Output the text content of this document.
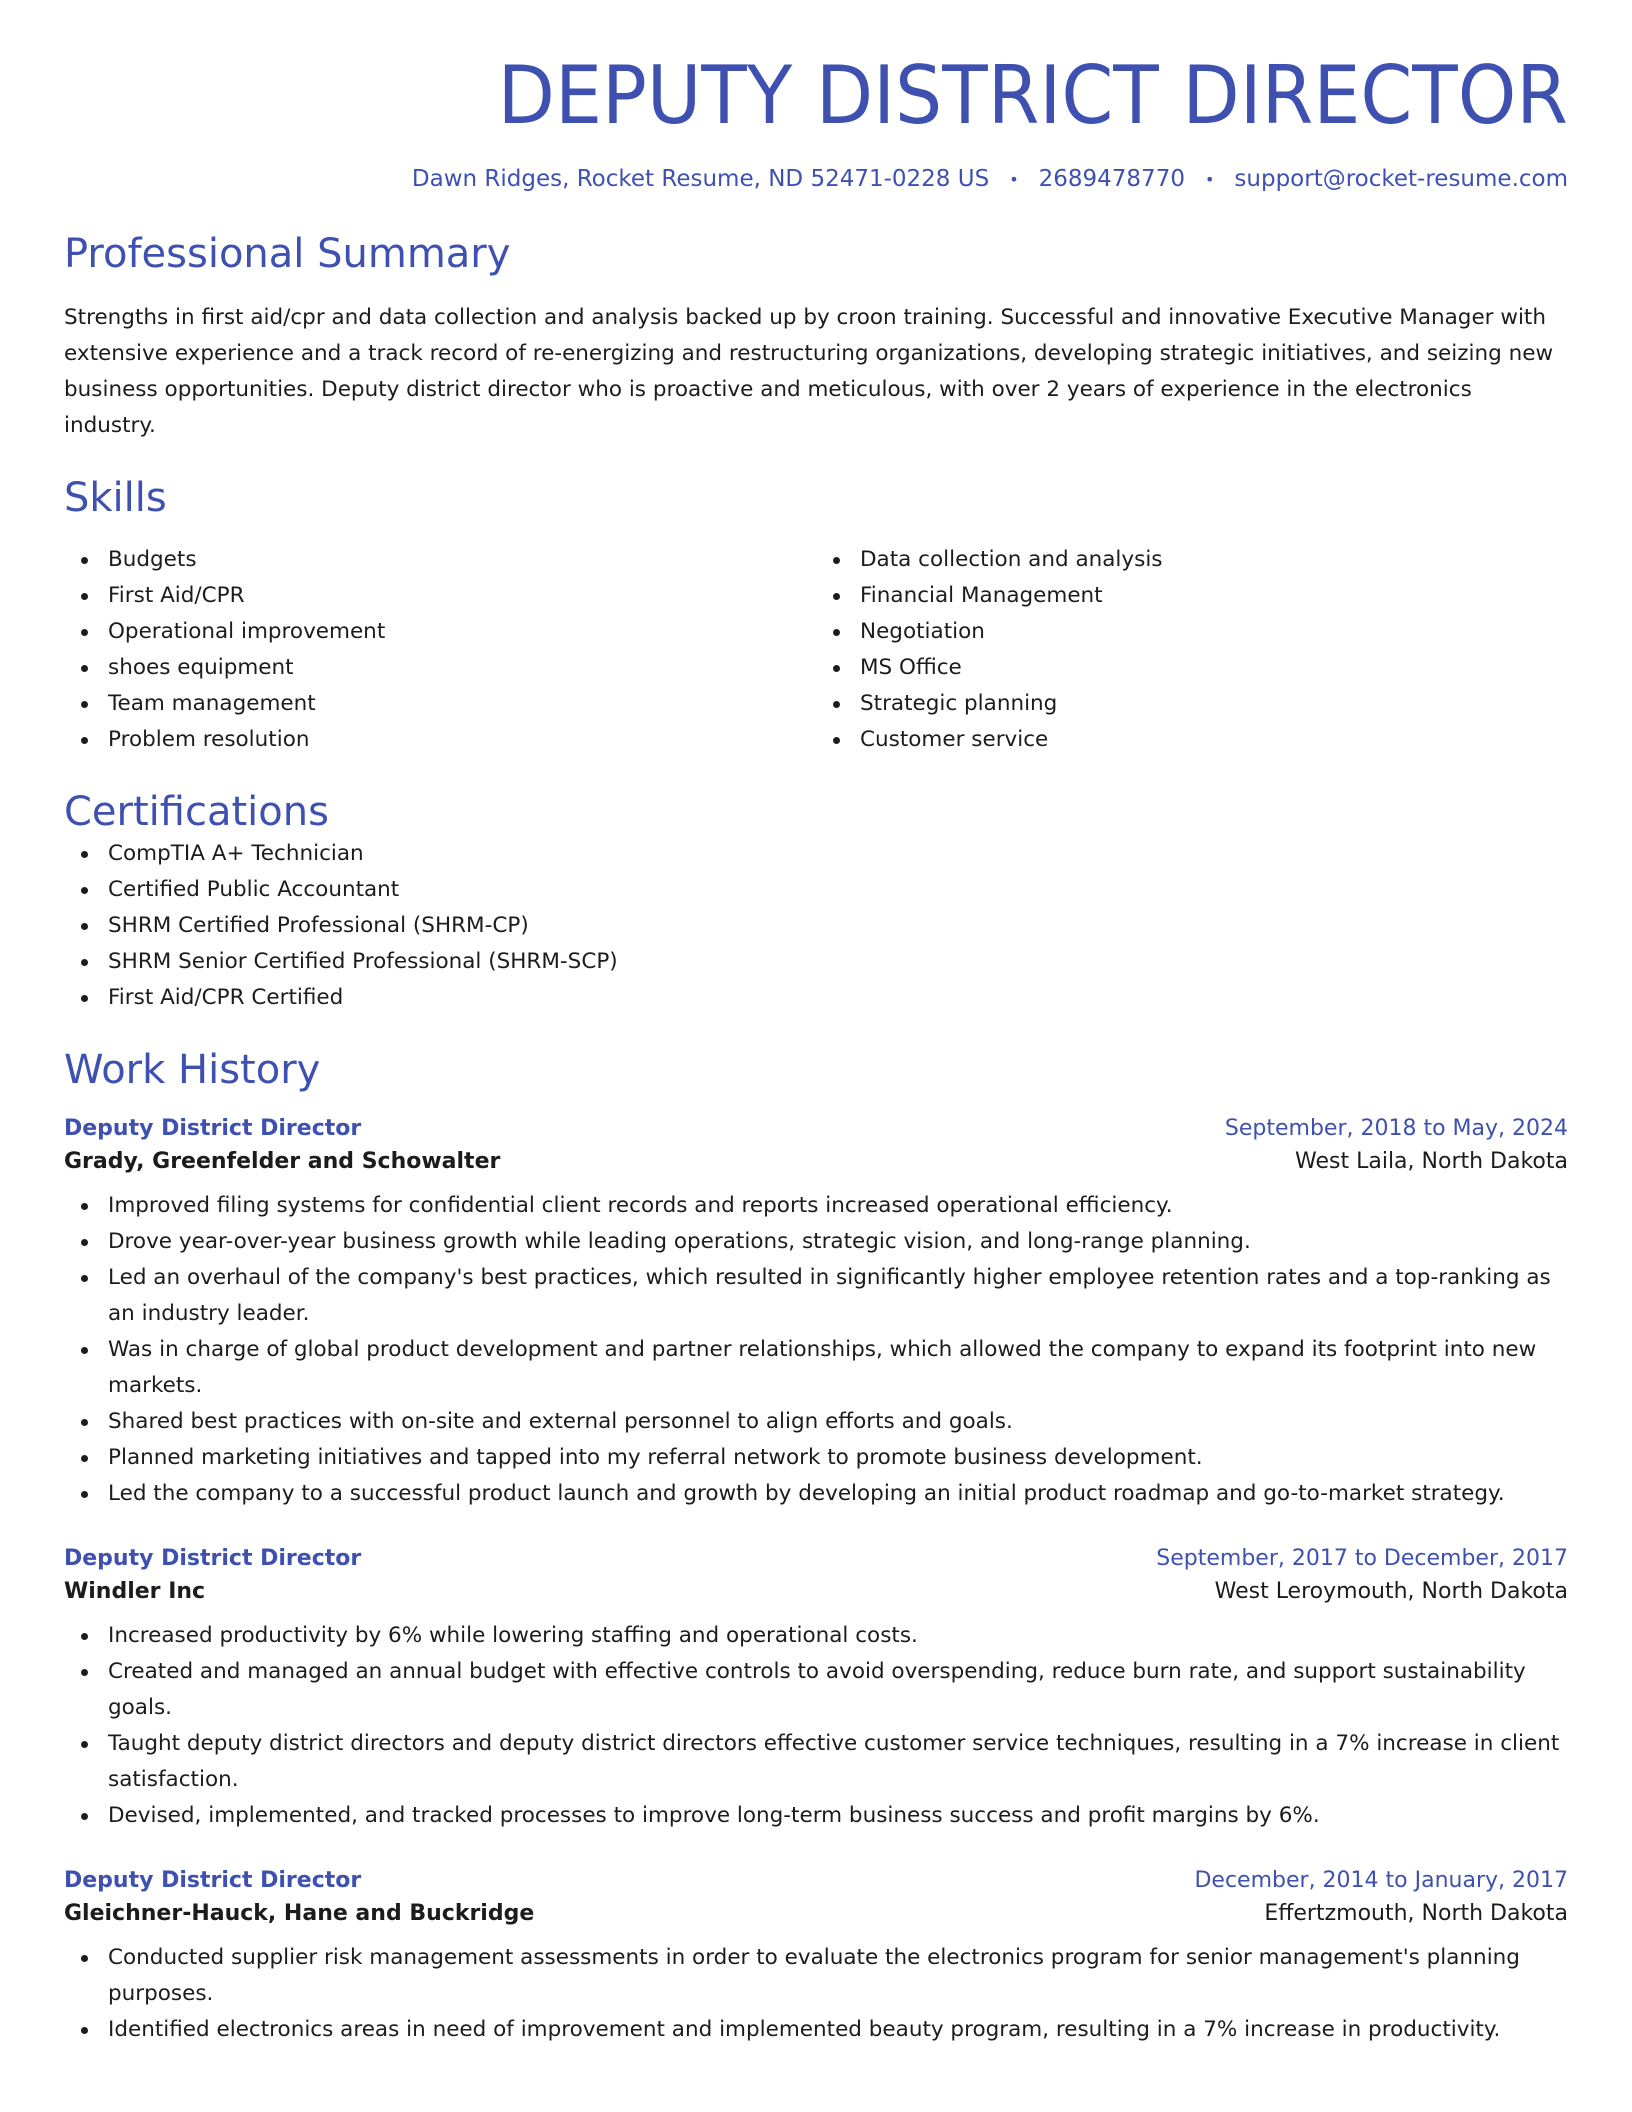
DEPUTY DISTRICT DIRECTOR
Dawn Ridges, Rocket Resume, ND 52471-0228 US • 2689478770 • support@rocket-resume.com
Professional Summary

Strengths in first aid/cpr and data collection and analysis backed up by croon training. Successful and innovative Executive Manager with extensive experience and a track record of re-energizing and restructuring organizations, developing strategic initiatives, and seizing new business opportunities. Deputy district director who is proactive and meticulous, with over 2 years of experience in the electronics industry.

Skills
Budgets
First Aid/CPR
Operational improvement
shoes equipment
Team management
Problem resolution
Data collection and analysis
Financial Management
Negotiation
MS Office
Strategic planning
Customer service
Certifications
CompTIA A+ Technician
Certified Public Accountant
SHRM Certified Professional (SHRM-CP)
SHRM Senior Certified Professional (SHRM-SCP)
First Aid/CPR Certified
Work History
Deputy District Director	September, 2018 to May, 2024
Grady, Greenfelder and Schowalter	West Laila, North Dakota
Improved filing systems for confidential client records and reports increased operational efficiency.
Drove year-over-year business growth while leading operations, strategic vision, and long-range planning.
Led an overhaul of the company's best practices, which resulted in significantly higher employee retention rates and a top-ranking as an industry leader.
Was in charge of global product development and partner relationships, which allowed the company to expand its footprint into new markets.
Shared best practices with on-site and external personnel to align efforts and goals.
Planned marketing initiatives and tapped into my referral network to promote business development.
Led the company to a successful product launch and growth by developing an initial product roadmap and go-to-market strategy.
Deputy District Director	September, 2017 to December, 2017
Windler Inc	West Leroymouth, North Dakota
Increased productivity by 6% while lowering staffing and operational costs.
Created and managed an annual budget with effective controls to avoid overspending, reduce burn rate, and support sustainability goals.
Taught deputy district directors and deputy district directors effective customer service techniques, resulting in a 7% increase in client satisfaction.
Devised, implemented, and tracked processes to improve long-term business success and profit margins by 6%.
Deputy District Director	December, 2014 to January, 2017
Gleichner-Hauck, Hane and Buckridge	Effertzmouth, North Dakota
Conducted supplier risk management assessments in order to evaluate the electronics program for senior management's planning purposes.
Identified electronics areas in need of improvement and implemented beauty program, resulting in a 7% increase in productivity.
